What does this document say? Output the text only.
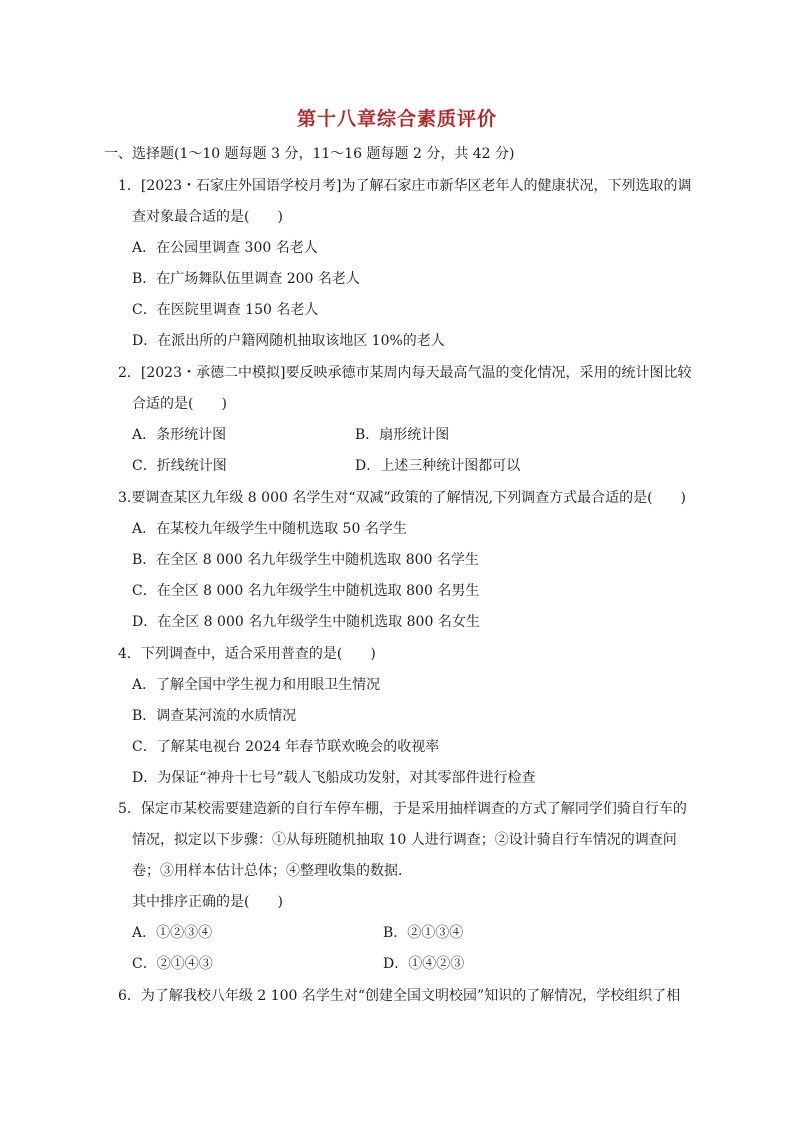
第十八章综合素质评价
一、选择题(1～10 题每题 3 分，11～16 题每题 2 分，共 42 分)
1．[2023・石家庄外国语学校月考]为了解石家庄市新华区老年人的健康状况，下列选取的调
查对象最合适的是(　　)
A．在公园里调查 300 名老人
B．在广场舞队伍里调查 200 名老人
C．在医院里调查 150 名老人
D．在派出所的户籍网随机抽取该地区 10%的老人
2．[2023・承德二中模拟]要反映承德市某周内每天最高气温的变化情况，采用的统计图比较
合适的是(　　)
A．条形统计图	B．扇形统计图
C．折线统计图	D．上述三种统计图都可以
3.要调查某区九年级 8 000 名学生对“双减”政策的了解情况,下列调查方式最合适的是(　　)
A．在某校九年级学生中随机选取 50 名学生
B．在全区 8 000 名九年级学生中随机选取 800 名学生
C．在全区 8 000 名九年级学生中随机选取 800 名男生
D．在全区 8 000 名九年级学生中随机选取 800 名女生
4．下列调查中，适合采用普查的是(　　)
A．了解全国中学生视力和用眼卫生情况
B．调查某河流的水质情况
C．了解某电视台 2024 年春节联欢晚会的收视率
D．为保证“神舟十七号”载人飞船成功发射，对其零部件进行检查
5．保定市某校需要建造新的自行车停车棚，于是采用抽样调查的方式了解同学们骑自行车的
情况，拟定以下步骤：①从每班随机抽取 10 人进行调查；②设计骑自行车情况的调查问
卷；③用样本估计总体；④整理收集的数据．
其中排序正确的是(　　)
A．①②③④	B．②①③④
C．②①④③	D．①④②③
6．为了解我校八年级 2 100 名学生对“创建全国文明校园”知识的了解情况，学校组织了相
